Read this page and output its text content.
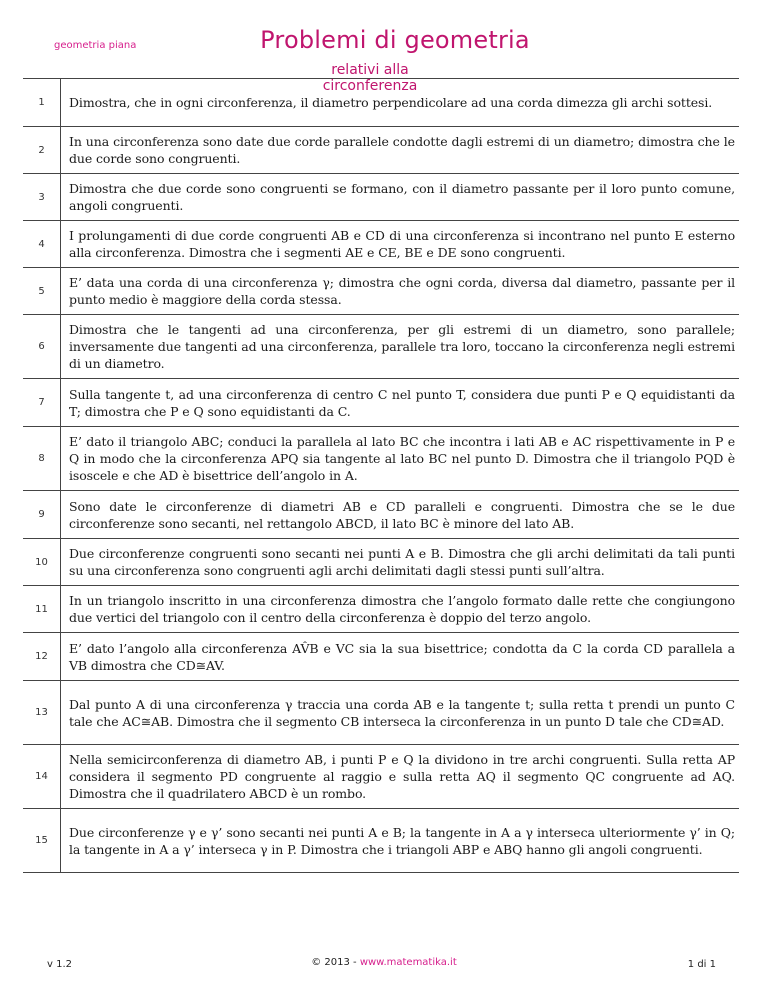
geometria piana	Problemi di geometria
relativi alla circonferenza
1	Dimostra, che in ogni circonferenza, il diametro perpendicolare ad una corda dimezza gli archi sottesi.
2	In una circonferenza sono date due corde parallele condotte dagli estremi di un diametro; dimostra che le due corde sono congruenti.
3	Dimostra che due corde sono congruenti se formano, con il diametro passante per il loro punto comune, angoli congruenti.
4	I prolungamenti di due corde congruenti AB e CD di una circonferenza si incontrano nel punto E esterno alla circonferenza. Dimostra che i segmenti AE e CE, BE e DE sono congruenti.
5	E’ data una corda di una circonferenza γ; dimostra che ogni corda, diversa dal diametro, passante per il punto medio è maggiore della corda stessa.
6	Dimostra che le tangenti ad una circonferenza, per gli estremi di un diametro, sono parallele; inversamente due tangenti ad una circonferenza, parallele tra loro, toccano la circonferenza negli estremi di un diametro.
7	Sulla tangente t, ad una circonferenza di centro C nel punto T, considera due punti P e Q equidistanti da T; dimostra che P e Q sono equidistanti da C.
8	E’ dato il triangolo ABC; conduci la parallela al lato BC che incontra i lati AB e AC rispettivamente in P e Q in modo che la circonferenza APQ sia tangente al lato BC nel punto D. Dimostra che il triangolo PQD è isoscele e che AD è bisettrice dell’angolo in A.
9	Sono date le circonferenze di diametri AB e CD paralleli e congruenti. Dimostra che se le due circonferenze sono secanti, nel rettangolo ABCD, il lato BC è minore del lato AB.
10	Due circonferenze congruenti sono secanti nei punti A e B. Dimostra che gli archi delimitati da tali punti su una circonferenza sono congruenti agli archi delimitati dagli stessi punti sull’altra.
11	In un triangolo inscritto in una circonferenza dimostra che l’angolo formato dalle rette che congiungono due vertici del triangolo con il centro della circonferenza è doppio del terzo angolo.
12	E’ dato l’angolo alla circonferenza AV̂B e VC sia la sua bisettrice; condotta da C la corda CD parallela a VB dimostra che CD≅AV.
13	Dal punto A di una circonferenza γ traccia una corda AB e la tangente t; sulla retta t prendi un punto C tale che AC≅AB. Dimostra che il segmento CB interseca la circonferenza in un punto D tale che CD≅AD.
14	Nella semicirconferenza di diametro AB, i punti P e Q la dividono in tre archi congruenti. Sulla retta AP considera il segmento PD congruente al raggio e sulla retta AQ il segmento QC congruente ad AQ. Dimostra che il quadrilatero ABCD è un rombo.
15	Due circonferenze γ e γ’ sono secanti nei punti A e B; la tangente in A a γ interseca ulteriormente γ’ in Q; la tangente in A a γ’ interseca γ in P. Dimostra che i triangoli ABP e ABQ hanno gli angoli congruenti.
v 1.2	© 2013 - www.matematika.it	1 di 1
